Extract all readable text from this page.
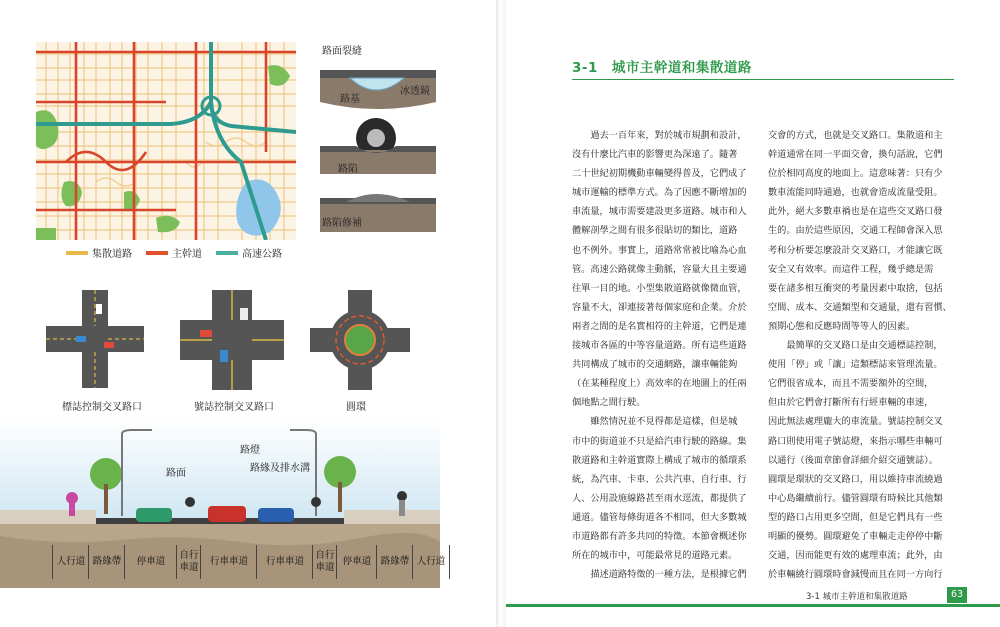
集散道路	主幹道	高速公路
路面裂縫
路基
冰透鏡
路陷
路陷修補
標誌控制交叉路口	號誌控制交叉路口	圓環
路燈
路緣及排水溝
路面
人行道 路緣帶	停車道
自行車道
行車車道	行車車道
自行車道
停車道 路緣帶 人行道
3-1　城市主幹道和集散道路
　　過去一百年來，對於城市規劃和設計，
沒有什麼比汽車的影響更為深遠了。隨著
二十世紀初期機動車輛變得普及，它們成了
城市運輸的標準方式。為了因應不斷增加的
車流量，城市需要建設更多道路。城市和人
體解剖學之間有很多很貼切的類比，道路
也不例外。事實上，道路常常被比喻為心血
管。高速公路就像主動脈，容量大且主要通
往單一目的地。小型集散道路就像微血管，
容量不大，卻連接著每個家庭和企業。介於
兩者之間的是名實相符的主幹道，它們是連
接城市各區的中等容量道路。所有這些道路
共同構成了城市的交通網路，讓車輛能夠
（在某種程度上）高效率的在地圖上的任兩
個地點之間行駛。
　　雖然情況並不見得都是這樣，但是城
市中的街道並不只是給汽車行駛的路線。集
散道路和主幹道實際上構成了城市的循環系
統，為汽車、卡車、公共汽車、自行車、行
人、公用設施線路甚至雨水逕流，都提供了
通道。儘管每條街道各不相同，但大多數城
市道路都有許多共同的特徵。本節會概述你
所在的城市中，可能最常見的道路元素。
　　描述道路特徵的一種方法，是根據它們
交會的方式，也就是交叉路口。集散道和主
幹道通常在同一平面交會，換句話說，它們
位於相同高度的地面上。這意味著：只有少
數車流能同時通過，也就會造成流量受阻。
此外，絕大多數車禍也是在這些交叉路口發
生的。由於這些原因，交通工程師會深入思
考和分析要怎麼設計交叉路口，才能讓它既
安全又有效率。而這件工程，幾乎總是需
要在諸多相互衝突的考量因素中取捨，包括
空間、成本、交通類型和交通量，還有習慣、
預期心態和反應時間等等人的因素。
　　最簡單的交叉路口是由交通標誌控制，
使用「停」或「讓」這類標誌來管理流量。
它們很省成本，而且不需要額外的空間，
但由於它們會打斷所有行經車輛的車速，
因此無法處理龐大的車流量。號誌控制交叉
路口則使用電子號誌燈，來指示哪些車輛可
以通行（後面章節會詳細介紹交通號誌）。
圓環是環狀的交叉路口，用以維持車流繞過
中心島繼續前行。儘管圓環有時候比其他類
型的路口占用更多空間，但是它們具有一些
明顯的優勢。圓環避免了車輛走走停停中斷
交通，因而能更有效的處理車流；此外，由
於車輛繞行圓環時會減慢而且在同一方向行
3-1 城市主幹道和集散道路	63
